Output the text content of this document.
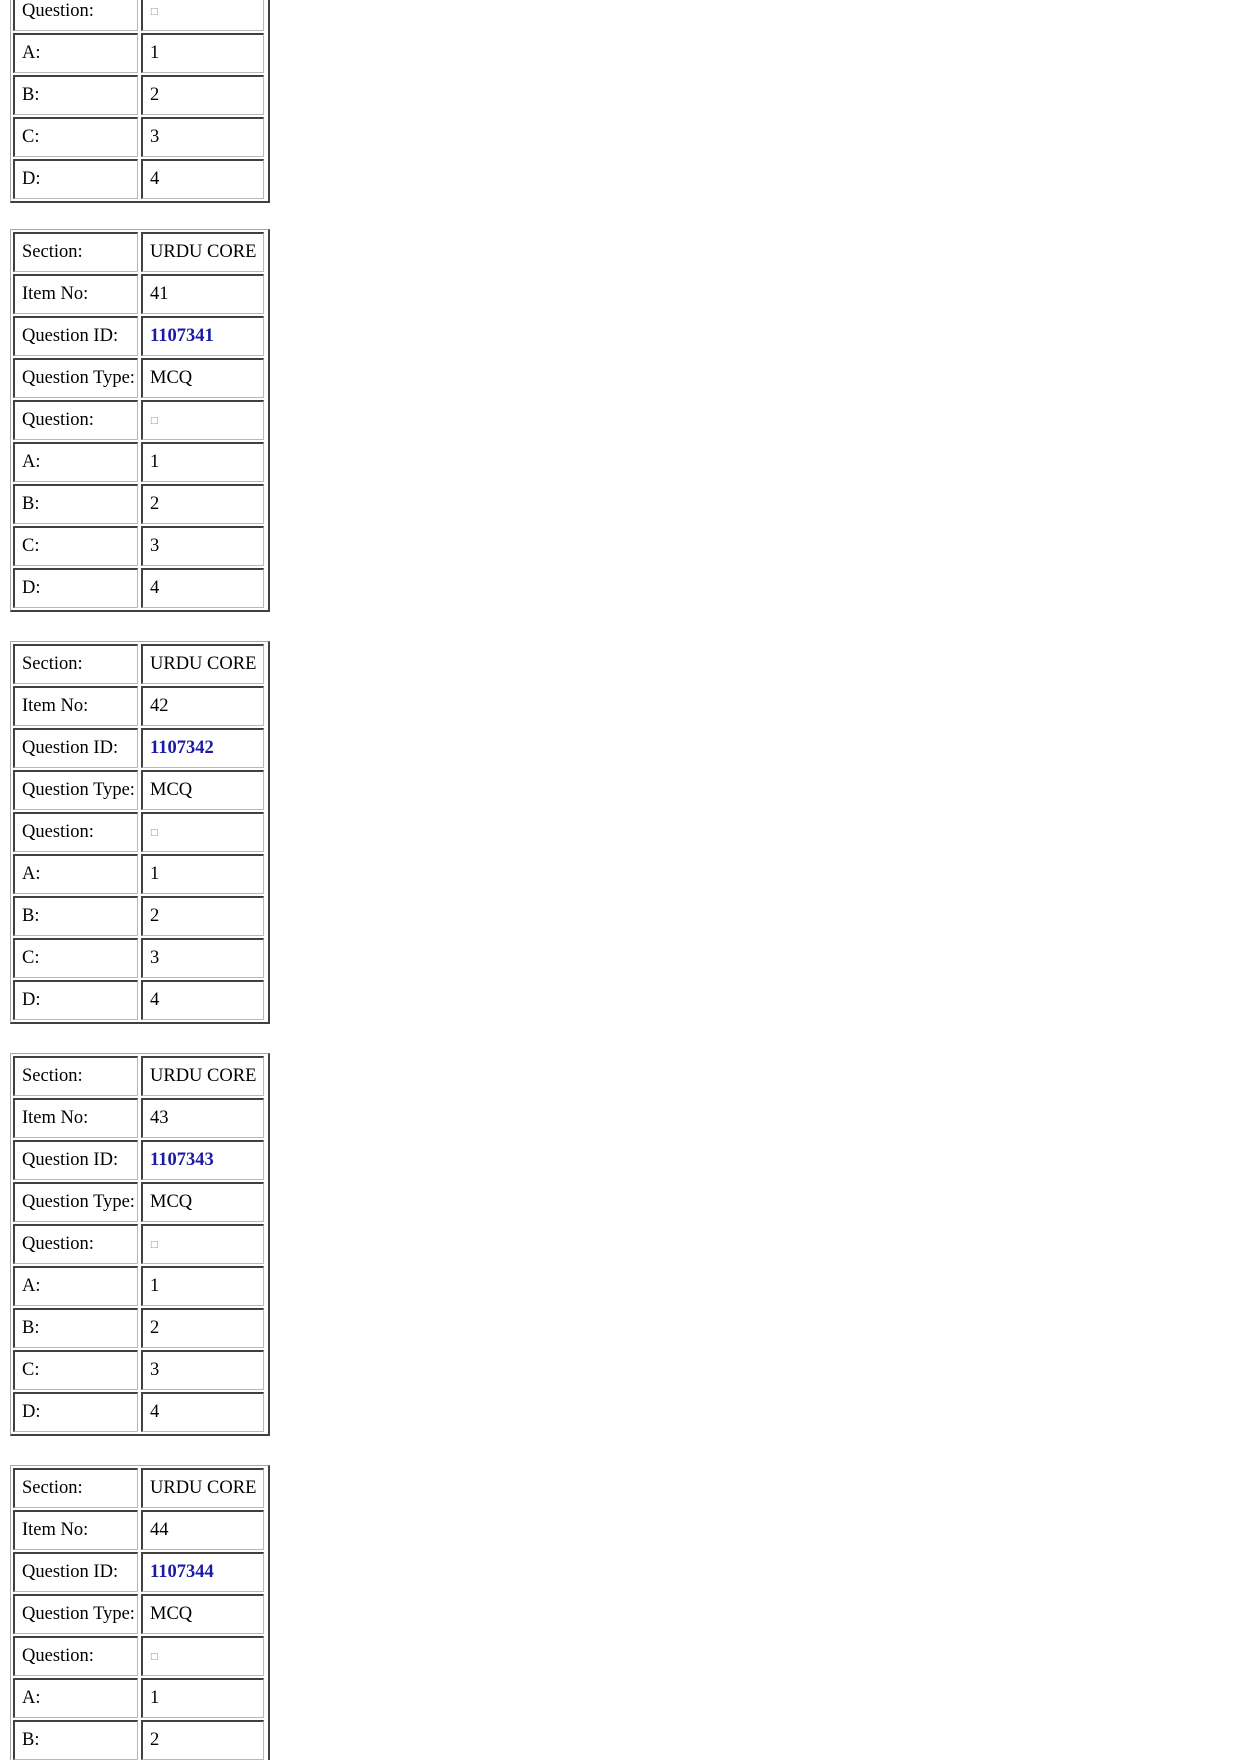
Question:	□
A:	1
B:	2
C:	3
D:	4
Section:	URDU CORE
Item No:	41
Question ID:	1107341
Question Type: MCQ
Question:	□
A:	1
B:	2
C:	3
D:	4
Section:	URDU CORE
Item No:	42
Question ID:	1107342
Question Type: MCQ
Question:	□
A:	1
B:	2
C:	3
D:	4
Section:	URDU CORE
Item No:	43
Question ID:	1107343
Question Type: MCQ
Question:	□
A:	1
B:	2
C:	3
D:	4
Section:	URDU CORE
Item No:	44
Question ID:	1107344
Question Type: MCQ
Question:	□
A:	1
B:	2
